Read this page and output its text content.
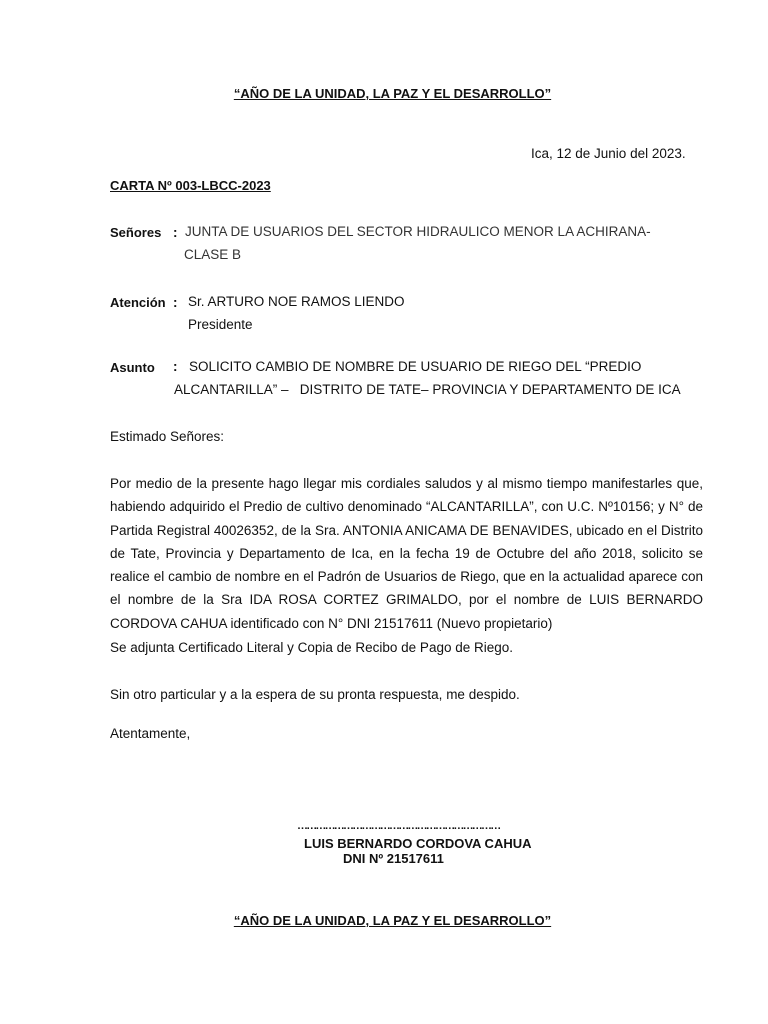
“AÑO DE LA UNIDAD, LA PAZ Y EL DESARROLLO”
Ica, 12 de Junio del 2023.
CARTA Nº 003-LBCC-2023
Señores : JUNTA DE USUARIOS DEL SECTOR HIDRAULICO MENOR LA ACHIRANA-
CLASE B
Atención : Sr. ARTURO NOE RAMOS LIENDO
Presidente
Asunto : SOLICITO CAMBIO DE NOMBRE DE USUARIO DE RIEGO DEL “PREDIO
ALCANTARILLA” –   DISTRITO DE TATE– PROVINCIA Y DEPARTAMENTO DE ICA
Estimado Señores:
Por medio de la presente hago llegar mis cordiales saludos y al mismo tiempo manifestarles que, habiendo adquirido el Predio de cultivo denominado “ALCANTARILLA”, con U.C. Nº10156; y N° de Partida Registral 40026352, de la Sra. ANTONIA ANICAMA DE BENAVIDES, ubicado en el Distrito de Tate, Provincia y Departamento de Ica, en la fecha 19 de Octubre del año 2018, solicito se realice el cambio de nombre en el Padrón de Usuarios de Riego, que en la actualidad aparece con el nombre de la Sra IDA ROSA CORTEZ GRIMALDO, por el nombre de LUIS BERNARDO CORDOVA CAHUA identificado con N° DNI 21517611 (Nuevo propietario)
Se adjunta Certificado Literal y Copia de Recibo de Pago de Riego.
Sin otro particular y a la espera de su pronta respuesta, me despido.
Atentamente,
…………………………………………………………
LUIS BERNARDO CORDOVA CAHUA
DNI Nº 21517611
“AÑO DE LA UNIDAD, LA PAZ Y EL DESARROLLO”
